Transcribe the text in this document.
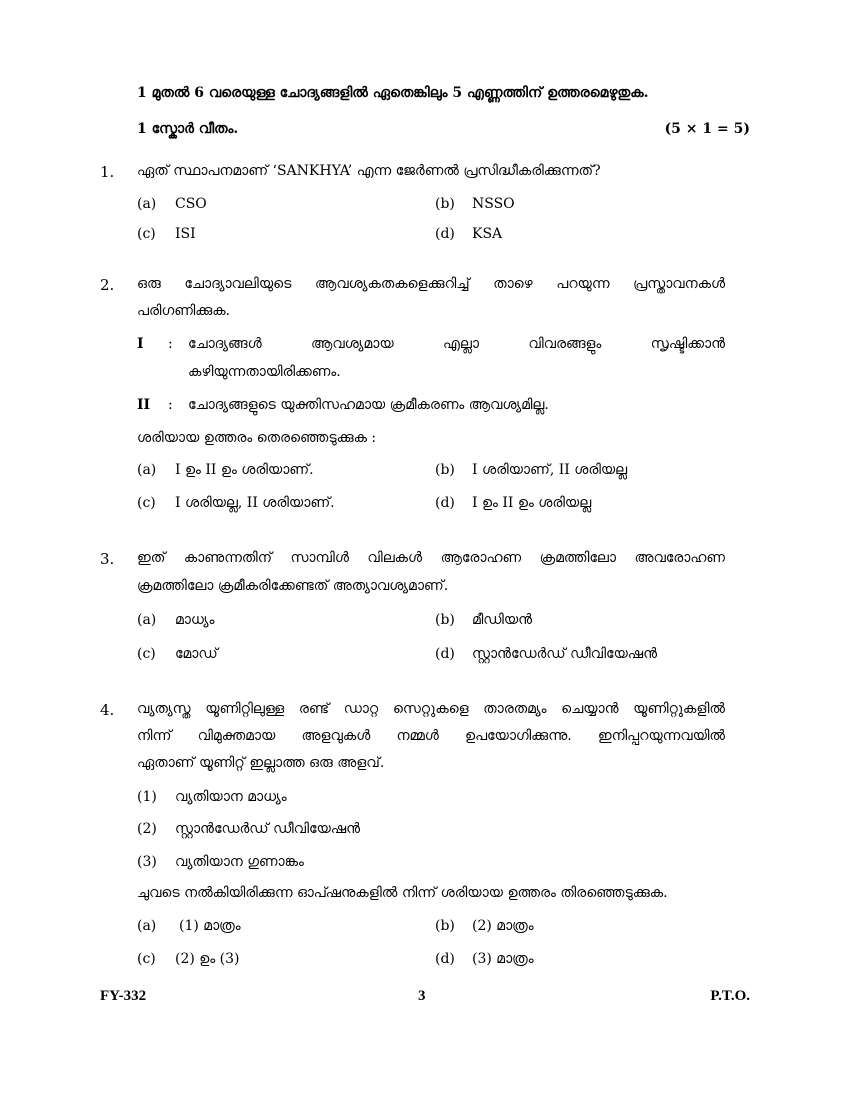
1 മുതൽ 6 വരെയുള്ള ചോദ്യങ്ങളിൽ ഏതെങ്കിലും 5 എണ്ണത്തിന് ഉത്തരമെഴുതുക.
1 സ്കോർ വീതം.	(5 × 1 = 5)
1. ഏത് സ്ഥാപനമാണ് ‘SANKHYA’ എന്ന ജേർണൽ പ്രസിദ്ധീകരിക്കുന്നത്?
(a) CSO	(b) NSSO
(c) ISI	(d) KSA
2. ഒരു ചോദ്യാവലിയുടെ ആവശ്യകതകളെക്കുറിച്ച് താഴെ പറയുന്ന പ്രസ്താവനകൾ
പരിഗണിക്കുക.
I : ചോദ്യങ്ങൾ ആവശ്യമായ എല്ലാ വിവരങ്ങളും സൃഷ്ടിക്കാൻ
കഴിയുന്നതായിരിക്കണം.
II : ചോദ്യങ്ങളുടെ യുക്തിസഹമായ ക്രമീകരണം ആവശ്യമില്ല.
ശരിയായ ഉത്തരം തെരഞ്ഞെടുക്കുക :
(a) I ഉം II ഉം ശരിയാണ്.	(b) I ശരിയാണ്, II ശരിയല്ല
(c) I ശരിയല്ല, II ശരിയാണ്.	(d) I ഉം II ഉം ശരിയല്ല
3. ഇത് കാണുന്നതിന് സാമ്പിൾ വിലകൾ ആരോഹണ ക്രമത്തിലോ അവരോഹണ
ക്രമത്തിലോ ക്രമീകരിക്കേണ്ടത് അത്യാവശ്യമാണ്.
(a) മാധ്യം	(b) മീഡിയൻ
(c) മോഡ്	(d) സ്റ്റാൻഡേർഡ് ഡീവിയേഷൻ
4. വ്യത്യസ്ത യൂണിറ്റിലുള്ള രണ്ട് ഡാറ്റ സെറ്റുകളെ താരതമ്യം ചെയ്യാൻ യൂണിറ്റുകളിൽ
നിന്ന് വിമുക്തമായ അളവുകൾ നമ്മൾ ഉപയോഗിക്കുന്നു. ഇനിപ്പറയുന്നവയിൽ
ഏതാണ് യൂണിറ്റ് ഇല്ലാത്ത ഒരു അളവ്.
(1) വ്യതിയാന മാധ്യം
(2) സ്റ്റാൻഡേർഡ് ഡീവിയേഷൻ
(3) വ്യതിയാന ഗുണാങ്കം
ചുവടെ നൽകിയിരിക്കുന്ന ഓപ്ഷനുകളിൽ നിന്ന് ശരിയായ ഉത്തരം തിരഞ്ഞെടുക്കുക.
(a) (1) മാത്രം	(b) (2) മാത്രം
(c) (2) ഉം (3)	(d) (3) മാത്രം
FY-332	3	P.T.O.
